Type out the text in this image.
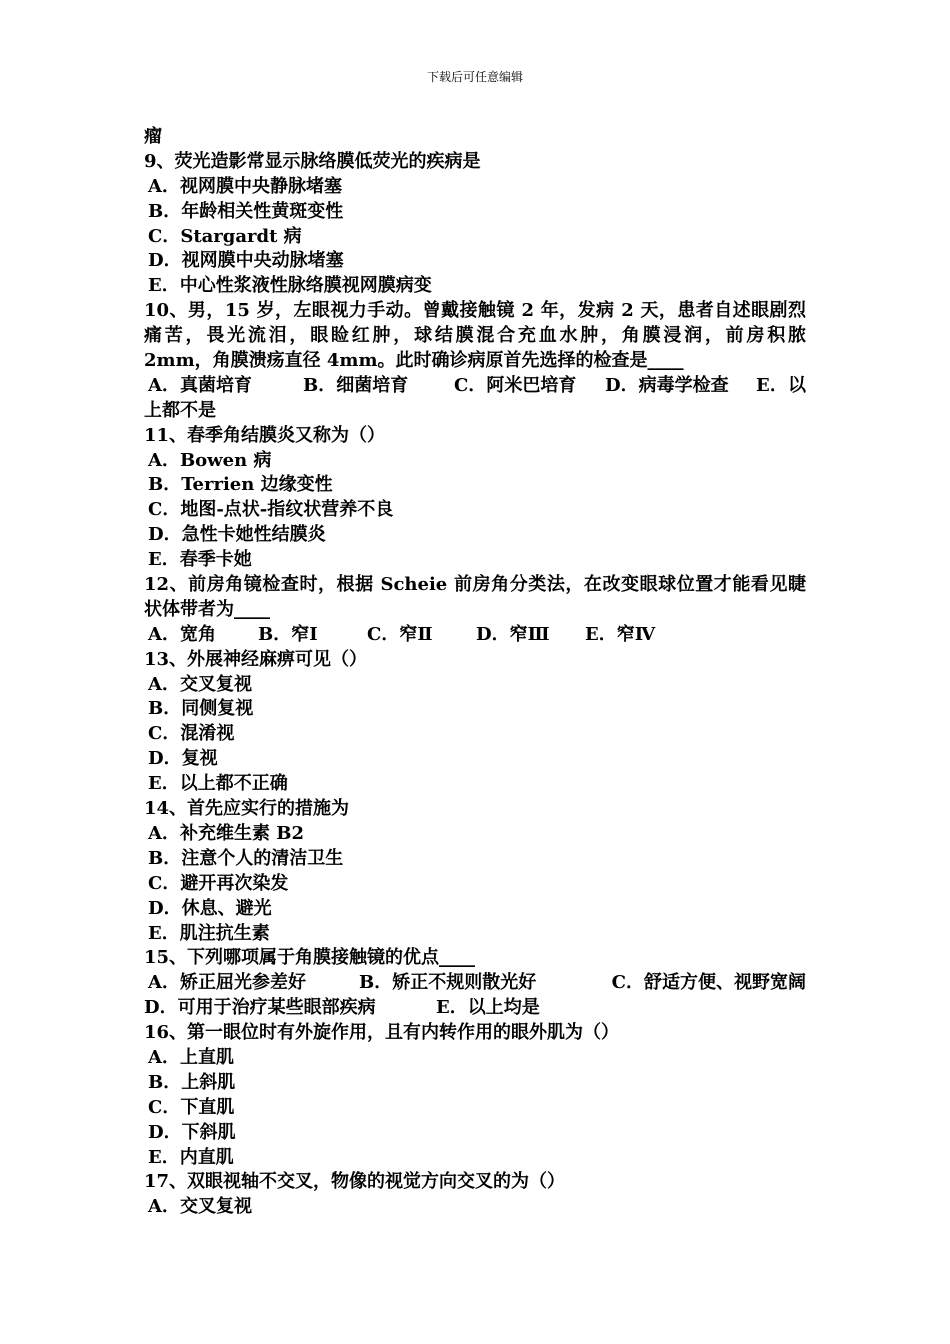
下载后可任意编辑
瘤
9、荧光造影常显示脉络膜低荧光的疾病是
A．视网膜中央静脉堵塞
B．年龄相关性黄斑变性
C．Stargardt 病
D．视网膜中央动脉堵塞
E．中心性浆液性脉络膜视网膜病变
10、男，15 岁，左眼视力手动。曾戴接触镜 2 年，发病 2 天，患者自述眼剧烈
痛苦，畏光流泪，眼睑红肿，球结膜混合充血水肿，角膜浸润，前房积脓
2mm，角膜溃疡直径 4mm。此时确诊病原首先选择的检查是____
A．真菌培育	B．细菌培育	C．阿米巴培育	D．病毒学检查	E．以
上都不是
11、春季角结膜炎又称为（）
A．Bowen 病
B．Terrien 边缘变性
C．地图-点状-指纹状营养不良
D．急性卡她性结膜炎
E．春季卡她
12、前房角镜检查时，根据 Scheie 前房角分类法，在改变眼球位置才能看见睫
状体带者为____
A．宽角	B．窄Ⅰ	C．窄Ⅱ	D．窄Ⅲ	E．窄Ⅳ
13、外展神经麻痹可见（）
A．交叉复视
B．同侧复视
C．混淆视
D．复视
E．以上都不正确
14、首先应实行的措施为
A．补充维生素 B2
B．注意个人的清洁卫生
C．避开再次染发
D．休息、避光
E．肌注抗生素
15、下列哪项属于角膜接触镜的优点____
A．矫正屈光参差好	B．矫正不规则散光好	C．舒适方便、视野宽阔
D．可用于治疗某些眼部疾病	E．以上均是
16、第一眼位时有外旋作用，且有内转作用的眼外肌为（）
A．上直肌
B．上斜肌
C．下直肌
D．下斜肌
E．内直肌
17、双眼视轴不交叉，物像的视觉方向交叉的为（）
A．交叉复视
